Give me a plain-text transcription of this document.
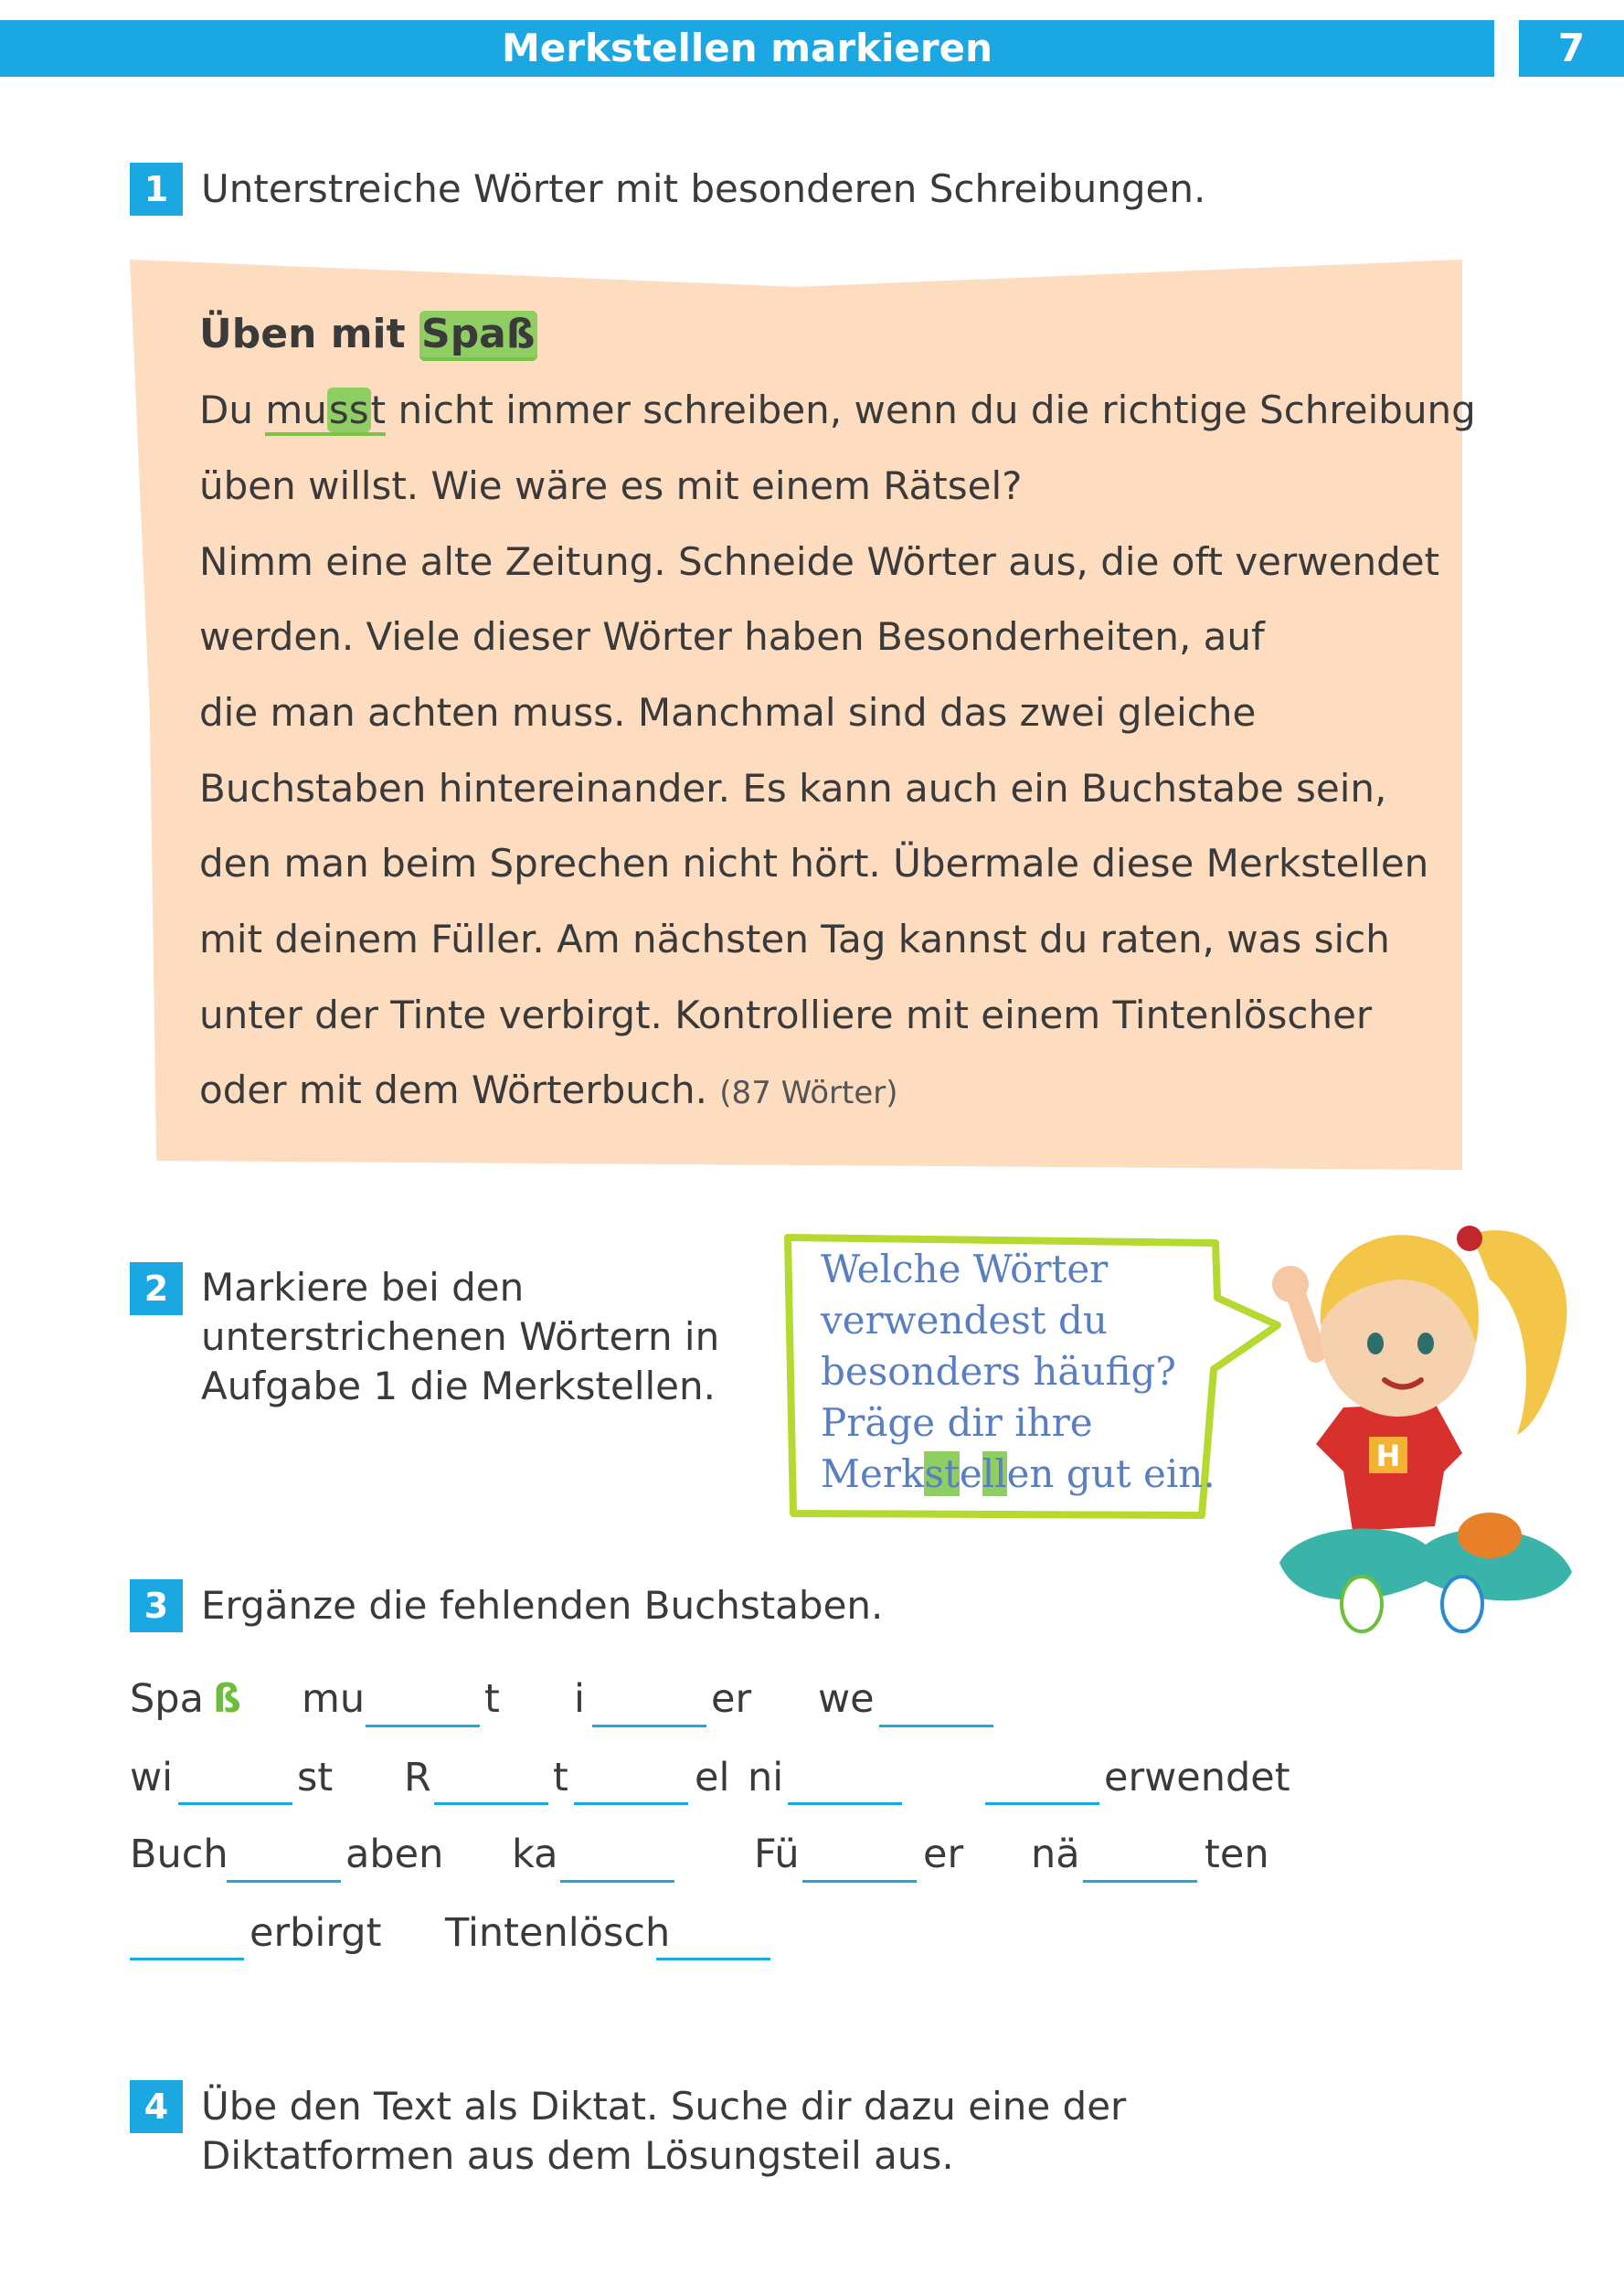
Merkstellen markieren	7
1 Unterstreiche Wörter mit besonderen Schreibungen.
Üben mit Spaß
Du musst nicht immer schreiben, wenn du die richtige Schreibung
üben willst. Wie wäre es mit einem Rätsel?
Nimm eine alte Zeitung. Schneide Wörter aus, die oft verwendet
werden. Viele dieser Wörter haben Besonderheiten, auf
die man achten muss. Manchmal sind das zwei gleiche
Buchstaben hintereinander. Es kann auch ein Buchstabe sein,
den man beim Sprechen nicht hört. Übermale diese Merkstellen
mit deinem Füller. Am nächsten Tag kannst du raten, was sich
unter der Tinte verbirgt. Kontrolliere mit einem Tintenlöscher
oder mit dem Wörterbuch. (87 Wörter)
2 Markiere bei den
unterstrichenen Wörtern in
Aufgabe 1 die Merkstellen.
Welche Wörter
verwendest du
besonders häufig?
Präge dir ihre
Merkstellen gut ein.	H
3 Ergänze die fehlenden Buchstaben.
Spa ß mu	t i	er we
wi	st R	t	el ni	erwendet
Buch	aben ka	Fü	er nä	ten
erbirgt Tintenlösch
4 Übe den Text als Diktat. Suche dir dazu eine der
Diktatformen aus dem Lösungsteil aus.
